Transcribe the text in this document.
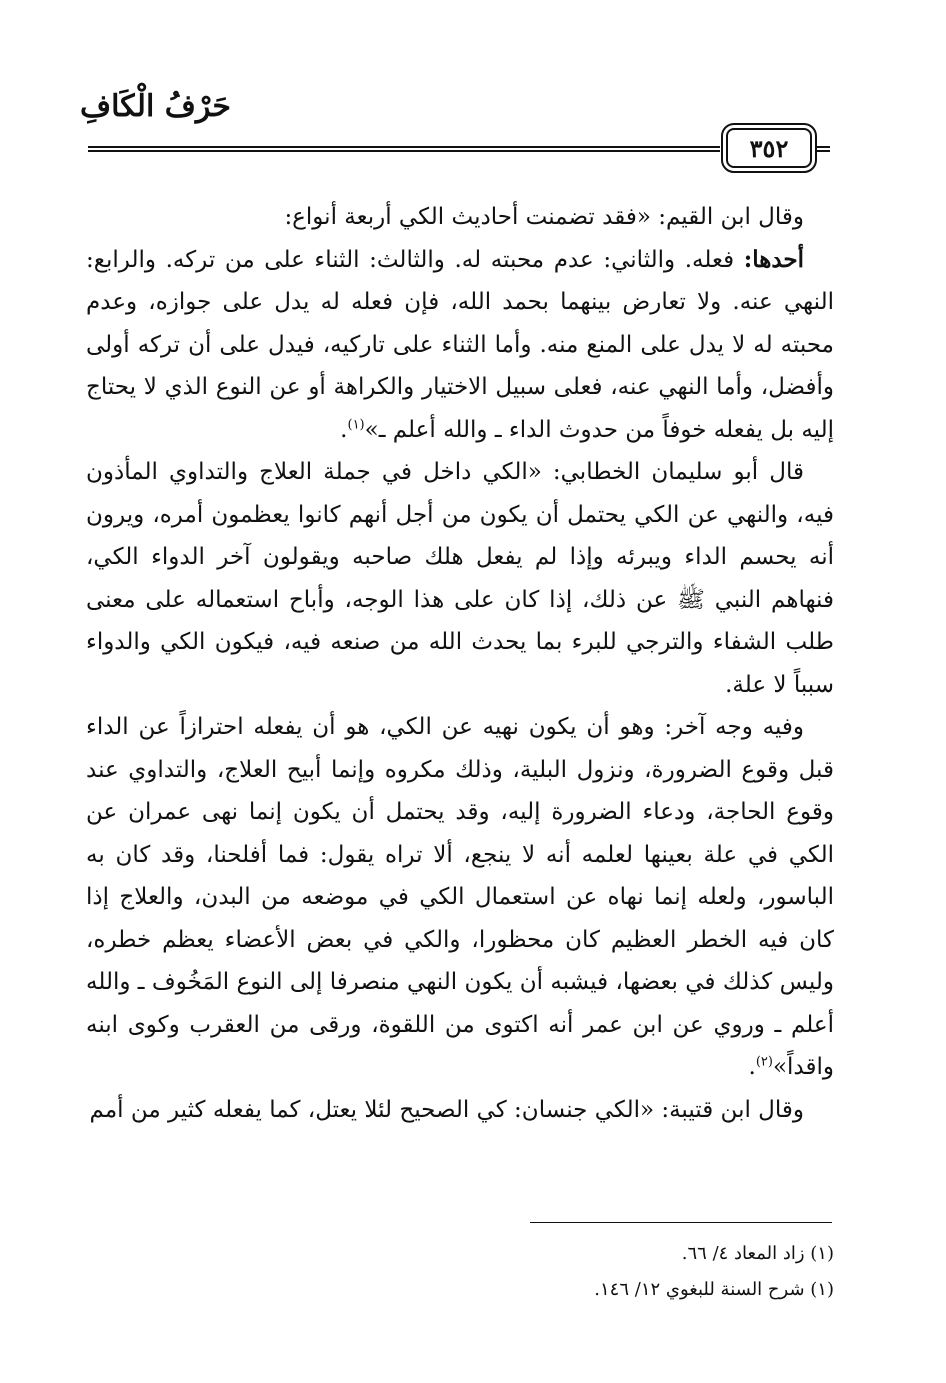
حَرْفُ الْكَافِ
٣٥٢

وقال ابن القيم: «فقد تضمنت أحاديث الكي أربعة أنواع:

أحدها: فعله. والثاني: عدم محبته له. والثالث: الثناء على من تركه. والرابع: النهي عنه. ولا تعارض بينهما بحمد الله، فإن فعله له يدل على جوازه، وعدم محبته له لا يدل على المنع منه. وأما الثناء على تاركيه، فيدل على أن تركه أولى وأفضل، وأما النهي عنه، فعلى سبيل الاختيار والكراهة أو عن النوع الذي لا يحتاج إليه بل يفعله خوفاً من حدوث الداء ـ والله أعلم ـ»$^{(١)}$.

قال أبو سليمان الخطابي: «الكي داخل في جملة العلاج والتداوي المأذون فيه، والنهي عن الكي يحتمل أن يكون من أجل أنهم كانوا يعظمون أمره، ويرون أنه يحسم الداء ويبرئه وإذا لم يفعل هلك صاحبه ويقولون آخر الدواء الكي، فنهاهم النبي ﷺ عن ذلك، إذا كان على هذا الوجه، وأباح استعماله على معنى طلب الشفاء والترجي للبرء بما يحدث الله من صنعه فيه، فيكون الكي والدواء سبباً لا علة.

وفيه وجه آخر: وهو أن يكون نهيه عن الكي، هو أن يفعله احترازاً عن الداء قبل وقوع الضرورة، ونزول البلية، وذلك مكروه وإنما أبيح العلاج، والتداوي عند وقوع الحاجة، ودعاء الضرورة إليه، وقد يحتمل أن يكون إنما نهى عمران عن الكي في علة بعينها لعلمه أنه لا ينجع، ألا تراه يقول: فما أفلحنا، وقد كان به الباسور، ولعله إنما نهاه عن استعمال الكي في موضعه من البدن، والعلاج إذا كان فيه الخطر العظيم كان محظورا، والكي في بعض الأعضاء يعظم خطره، وليس كذلك في بعضها، فيشبه أن يكون النهي منصرفا إلى النوع المَخُوف ـ والله أعلم ـ وروي عن ابن عمر أنه اكتوى من اللقوة، ورقى من العقرب وكوى ابنه واقداً»$^{(٢)}$.

وقال ابن قتيبة: «الكي جنسان: كي الصحيح لئلا يعتل، كما يفعله كثير من أمم

(١) زاد المعاد ٤/ ٦٦.

(١) شرح السنة للبغوي ١٢/ ١٤٦.
